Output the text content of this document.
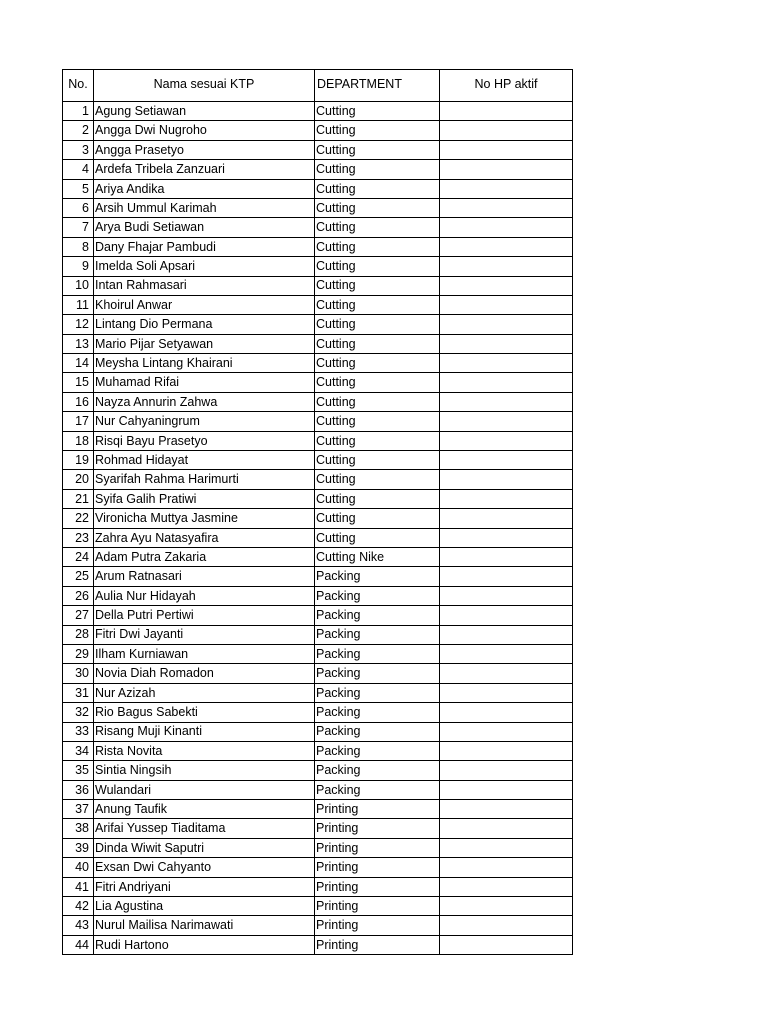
No.	Nama sesuai KTP	DEPARTMENT	No HP aktif
1	Agung Setiawan	Cutting	
2	Angga Dwi Nugroho	Cutting	
3	Angga Prasetyo	Cutting	
4	Ardefa Tribela Zanzuari	Cutting	
5	Ariya Andika	Cutting	
6	Arsih Ummul Karimah	Cutting	
7	Arya Budi Setiawan	Cutting	
8	Dany Fhajar Pambudi	Cutting	
9	Imelda Soli Apsari	Cutting	
10	Intan Rahmasari	Cutting	
11	Khoirul Anwar	Cutting	
12	Lintang Dio Permana	Cutting	
13	Mario Pijar Setyawan	Cutting	
14	Meysha Lintang Khairani	Cutting	
15	Muhamad Rifai	Cutting	
16	Nayza Annurin Zahwa	Cutting	
17	Nur Cahyaningrum	Cutting	
18	Risqi Bayu Prasetyo	Cutting	
19	Rohmad Hidayat	Cutting	
20	Syarifah Rahma Harimurti	Cutting	
21	Syifa Galih Pratiwi	Cutting	
22	Vironicha Muttya Jasmine	Cutting	
23	Zahra Ayu Natasyafira	Cutting	
24	Adam Putra Zakaria	Cutting Nike	
25	Arum Ratnasari	Packing	
26	Aulia Nur Hidayah	Packing	
27	Della Putri Pertiwi	Packing	
28	Fitri Dwi Jayanti	Packing	
29	Ilham Kurniawan	Packing	
30	Novia Diah Romadon	Packing	
31	Nur Azizah	Packing	
32	Rio Bagus Sabekti	Packing	
33	Risang Muji Kinanti	Packing	
34	Rista Novita	Packing	
35	Sintia Ningsih	Packing	
36	Wulandari	Packing	
37	Anung Taufik	Printing	
38	Arifai Yussep Tiaditama	Printing	
39	Dinda Wiwit Saputri	Printing	
40	Exsan Dwi Cahyanto	Printing	
41	Fitri Andriyani	Printing	
42	Lia Agustina	Printing	
43	Nurul Mailisa Narimawati	Printing	
44	Rudi Hartono	Printing	
